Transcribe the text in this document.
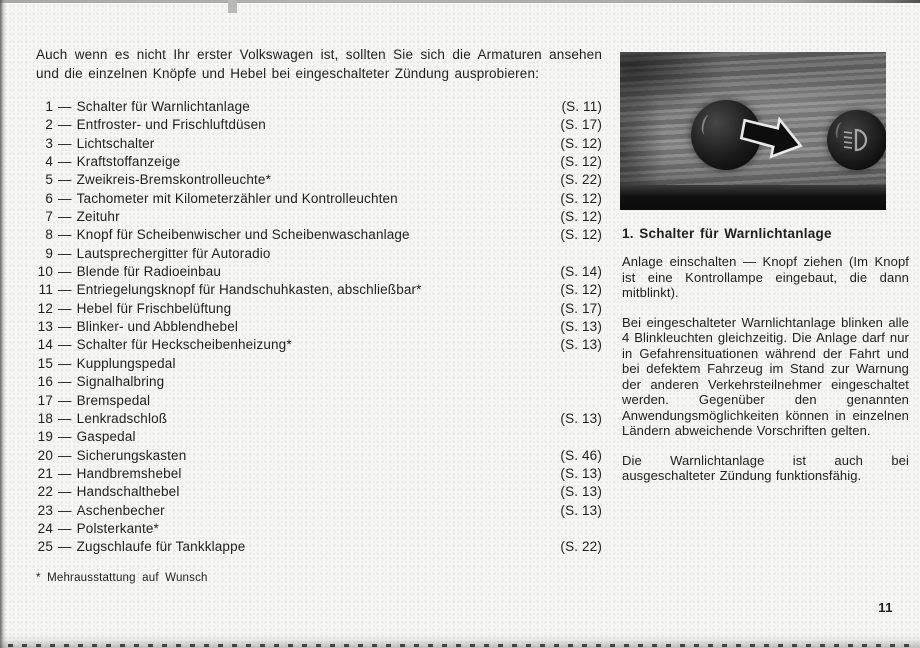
Auch wenn es nicht Ihr erster Volkswagen ist, sollten Sie sich die Armaturen ansehen und die einzelnen Knöpfe und Hebel bei eingeschalteter Zündung ausprobieren:
1 — Schalter für Warnlichtanlage	(S. 11)
2 — Entfroster- und Frischluftdüsen	(S. 17)
3 — Lichtschalter	(S. 12)
4 — Kraftstoffanzeige	(S. 12)
5 — Zweikreis-Bremskontrolleuchte*	(S. 22)
6 — Tachometer mit Kilometerzähler und Kontrolleuchten	(S. 12)
7 — Zeituhr	(S. 12)
8 — Knopf für Scheibenwischer und Scheibenwaschanlage	(S. 12)
9 — Lautsprechergitter für Autoradio
10 — Blende für Radioeinbau	(S. 14)
11 — Entriegelungsknopf für Handschuhkasten, abschließbar*	(S. 12)
12 — Hebel für Frischbelüftung	(S. 17)
13 — Blinker- und Abblendhebel	(S. 13)
14 — Schalter für Heckscheibenheizung*	(S. 13)
15 — Kupplungspedal
16 — Signalhalbring
17 — Bremspedal
18 — Lenkradschloß	(S. 13)
19 — Gaspedal
20 — Sicherungskasten	(S. 46)
21 — Handbremshebel	(S. 13)
22 — Handschalthebel	(S. 13)
23 — Aschenbecher	(S. 13)
24 — Polsterkante*
25 — Zugschlaufe für Tankklappe	(S. 22)
* Mehrausstattung auf Wunsch
1. Schalter für Warnlichtanlage

Anlage einschalten — Knopf ziehen (Im Knopf ist eine Kontrollampe eingebaut, die dann mitblinkt).

Bei eingeschalteter Warnlichtanlage blinken alle 4 Blinkleuchten gleichzeitig. Die Anlage darf nur in Gefahrensituationen während der Fahrt und bei defektem Fahrzeug im Stand zur Warnung der anderen Verkehrsteilnehmer eingeschaltet werden. Gegenüber den genannten Anwendungsmöglichkeiten können in einzelnen Ländern abweichende Vorschriften gelten.

Die Warnlichtanlage ist auch bei ausgeschalteter Zündung funktionsfähig.

11
